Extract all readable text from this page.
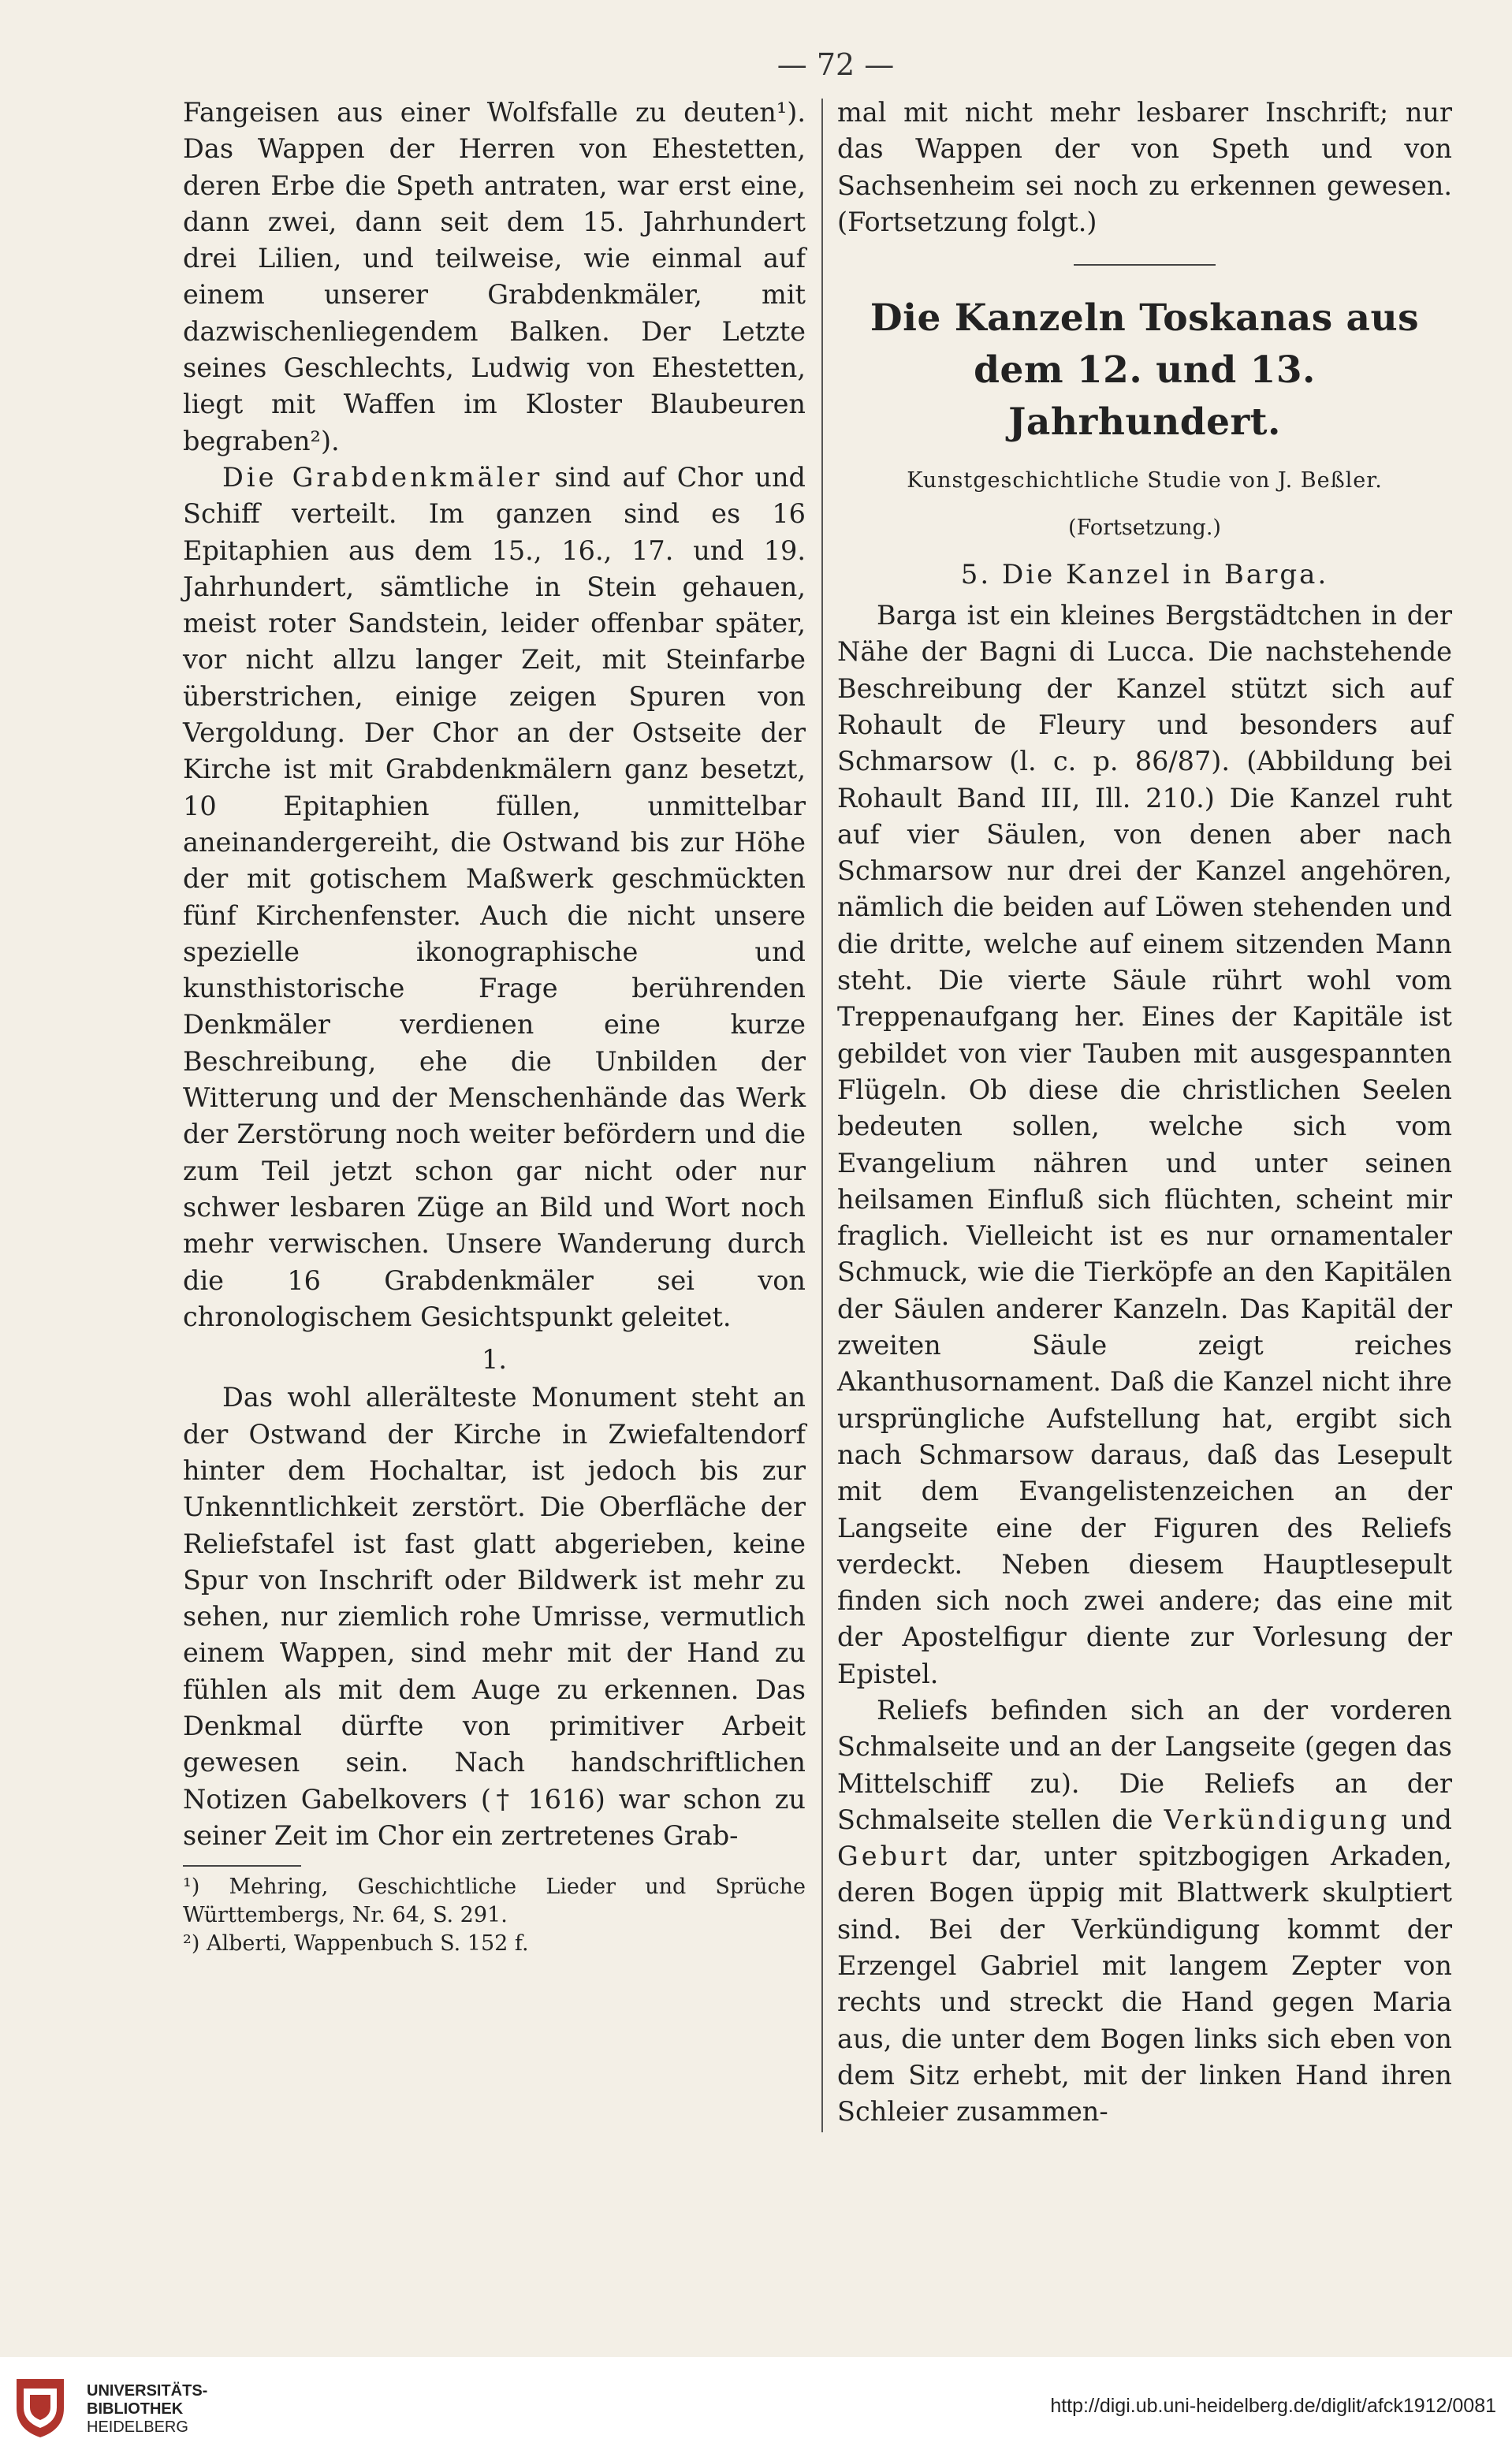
— 72 —

Fangeisen aus einer Wolfsfalle zu deuten¹). Das Wappen der Herren von Ehestetten, deren Erbe die Speth antraten, war erst eine, dann zwei, dann seit dem 15. Jahrhundert drei Lilien, und teilweise, wie einmal auf einem unserer Grabdenkmäler, mit dazwischenliegendem Balken. Der Letzte seines Geschlechts, Ludwig von Ehestetten, liegt mit Waffen im Kloster Blaubeuren begraben²).

Die Grabdenkmäler sind auf Chor und Schiff verteilt. Im ganzen sind es 16 Epitaphien aus dem 15., 16., 17. und 19. Jahrhundert, sämtliche in Stein gehauen, meist roter Sandstein, leider offenbar später, vor nicht allzu langer Zeit, mit Steinfarbe überstrichen, einige zeigen Spuren von Vergoldung. Der Chor an der Ostseite der Kirche ist mit Grabdenkmälern ganz besetzt, 10 Epitaphien füllen, unmittelbar aneinandergereiht, die Ostwand bis zur Höhe der mit gotischem Maßwerk geschmückten fünf Kirchenfenster. Auch die nicht unsere spezielle ikonographische und kunsthistorische Frage berührenden Denkmäler verdienen eine kurze Beschreibung, ehe die Unbilden der Witterung und der Menschenhände das Werk der Zerstörung noch weiter befördern und die zum Teil jetzt schon gar nicht oder nur schwer lesbaren Züge an Bild und Wort noch mehr verwischen. Unsere Wanderung durch die 16 Grabdenkmäler sei von chronologischem Gesichtspunkt geleitet.

1.

Das wohl allerälteste Monument steht an der Ostwand der Kirche in Zwiefaltendorf hinter dem Hochaltar, ist jedoch bis zur Unkenntlichkeit zerstört. Die Oberfläche der Reliefstafel ist fast glatt abgerieben, keine Spur von Inschrift oder Bildwerk ist mehr zu sehen, nur ziemlich rohe Umrisse, vermutlich einem Wappen, sind mehr mit der Hand zu fühlen als mit dem Auge zu erkennen. Das Denkmal dürfte von primitiver Arbeit gewesen sein. Nach handschriftlichen Notizen Gabelkovers († 1616) war schon zu seiner Zeit im Chor ein zertretenes Grab-

¹) Mehring, Geschichtliche Lieder und Sprüche Württembergs, Nr. 64, S. 291.
²) Alberti, Wappenbuch S. 152 f.

mal mit nicht mehr lesbarer Inschrift; nur das Wappen der von Speth und von Sachsenheim sei noch zu erkennen gewesen. (Fortsetzung folgt.)

Die Kanzeln Toskanas aus dem 12. und 13. Jahrhundert.
Kunstgeschichtliche Studie von J. Beßler.
(Fortsetzung.)
5. Die Kanzel in Barga.

Barga ist ein kleines Bergstädtchen in der Nähe der Bagni di Lucca. Die nachstehende Beschreibung der Kanzel stützt sich auf Rohault de Fleury und besonders auf Schmarsow (l. c. p. 86/87). (Abbildung bei Rohault Band III, Ill. 210.) Die Kanzel ruht auf vier Säulen, von denen aber nach Schmarsow nur drei der Kanzel angehören, nämlich die beiden auf Löwen stehenden und die dritte, welche auf einem sitzenden Mann steht. Die vierte Säule rührt wohl vom Treppenaufgang her. Eines der Kapitäle ist gebildet von vier Tauben mit ausgespannten Flügeln. Ob diese die christlichen Seelen bedeuten sollen, welche sich vom Evangelium nähren und unter seinen heilsamen Einfluß sich flüchten, scheint mir fraglich. Vielleicht ist es nur ornamentaler Schmuck, wie die Tierköpfe an den Kapitälen der Säulen anderer Kanzeln. Das Kapitäl der zweiten Säule zeigt reiches Akanthusornament. Daß die Kanzel nicht ihre ursprüngliche Aufstellung hat, ergibt sich nach Schmarsow daraus, daß das Lesepult mit dem Evangelistenzeichen an der Langseite eine der Figuren des Reliefs verdeckt. Neben diesem Hauptlesepult finden sich noch zwei andere; das eine mit der Apostelfigur diente zur Vorlesung der Epistel.

Reliefs befinden sich an der vorderen Schmalseite und an der Langseite (gegen das Mittelschiff zu). Die Reliefs an der Schmalseite stellen die Verkündigung und Geburt dar, unter spitzbogigen Arkaden, deren Bogen üppig mit Blattwerk skulptiert sind. Bei der Verkündigung kommt der Erzengel Gabriel mit langem Zepter von rechts und streckt die Hand gegen Maria aus, die unter dem Bogen links sich eben von dem Sitz erhebt, mit der linken Hand ihren Schleier zusammen-

UNIVERSITÄTS-
BIBLIOTHEK
HEIDELBERG
http://digi.ub.uni-heidelberg.de/diglit/afck1912/0081
